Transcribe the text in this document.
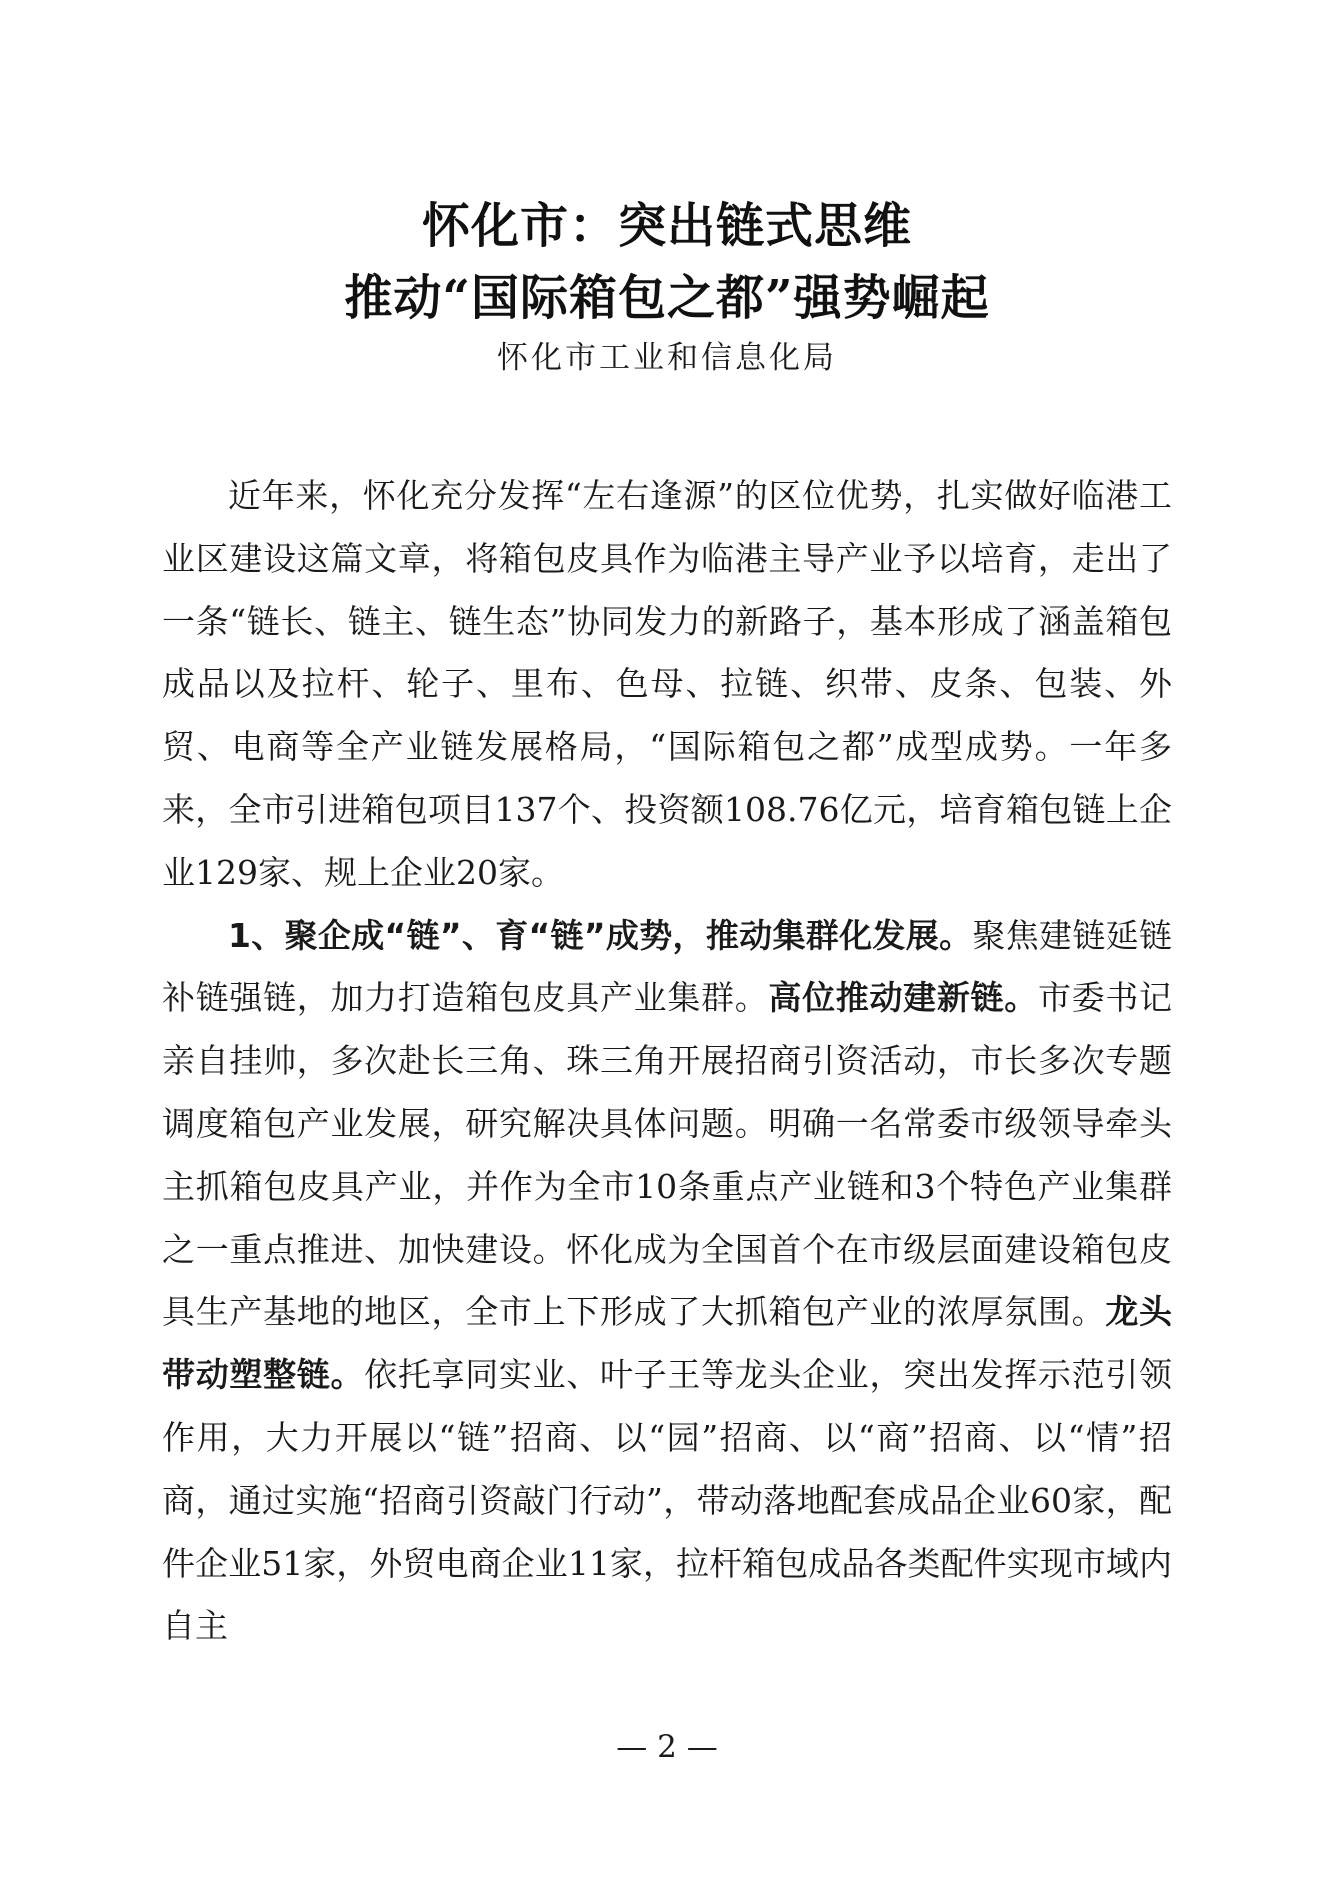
怀化市：突出链式思维
推动“国际箱包之都”强势崛起
怀化市工业和信息化局

近年来，怀化充分发挥“左右逢源”的区位优势，扎实做好临港工业区建设这篇文章，将箱包皮具作为临港主导产业予以培育，走出了一条“链长、链主、链生态”协同发力的新路子，基本形成了涵盖箱包成品以及拉杆、轮子、里布、色母、拉链、织带、皮条、包装、外贸、电商等全产业链发展格局，“国际箱包之都”成型成势。一年多来，全市引进箱包项目137个、投资额108.76亿元，培育箱包链上企业129家、规上企业20家。

1、聚企成“链”、育“链”成势，推动集群化发展。聚焦建链延链补链强链，加力打造箱包皮具产业集群。高位推动建新链。市委书记亲自挂帅，多次赴长三角、珠三角开展招商引资活动，市长多次专题调度箱包产业发展，研究解决具体问题。明确一名常委市级领导牵头主抓箱包皮具产业，并作为全市10条重点产业链和3个特色产业集群之一重点推进、加快建设。怀化成为全国首个在市级层面建设箱包皮具生产基地的地区，全市上下形成了大抓箱包产业的浓厚氛围。龙头带动塑整链。依托享同实业、叶子王等龙头企业，突出发挥示范引领作用，大力开展以“链”招商、以“园”招商、以“商”招商、以“情”招商，通过实施“招商引资敲门行动”，带动落地配套成品企业60家，配件企业51家，外贸电商企业11家，拉杆箱包成品各类配件实现市域内自主

— 2 —
